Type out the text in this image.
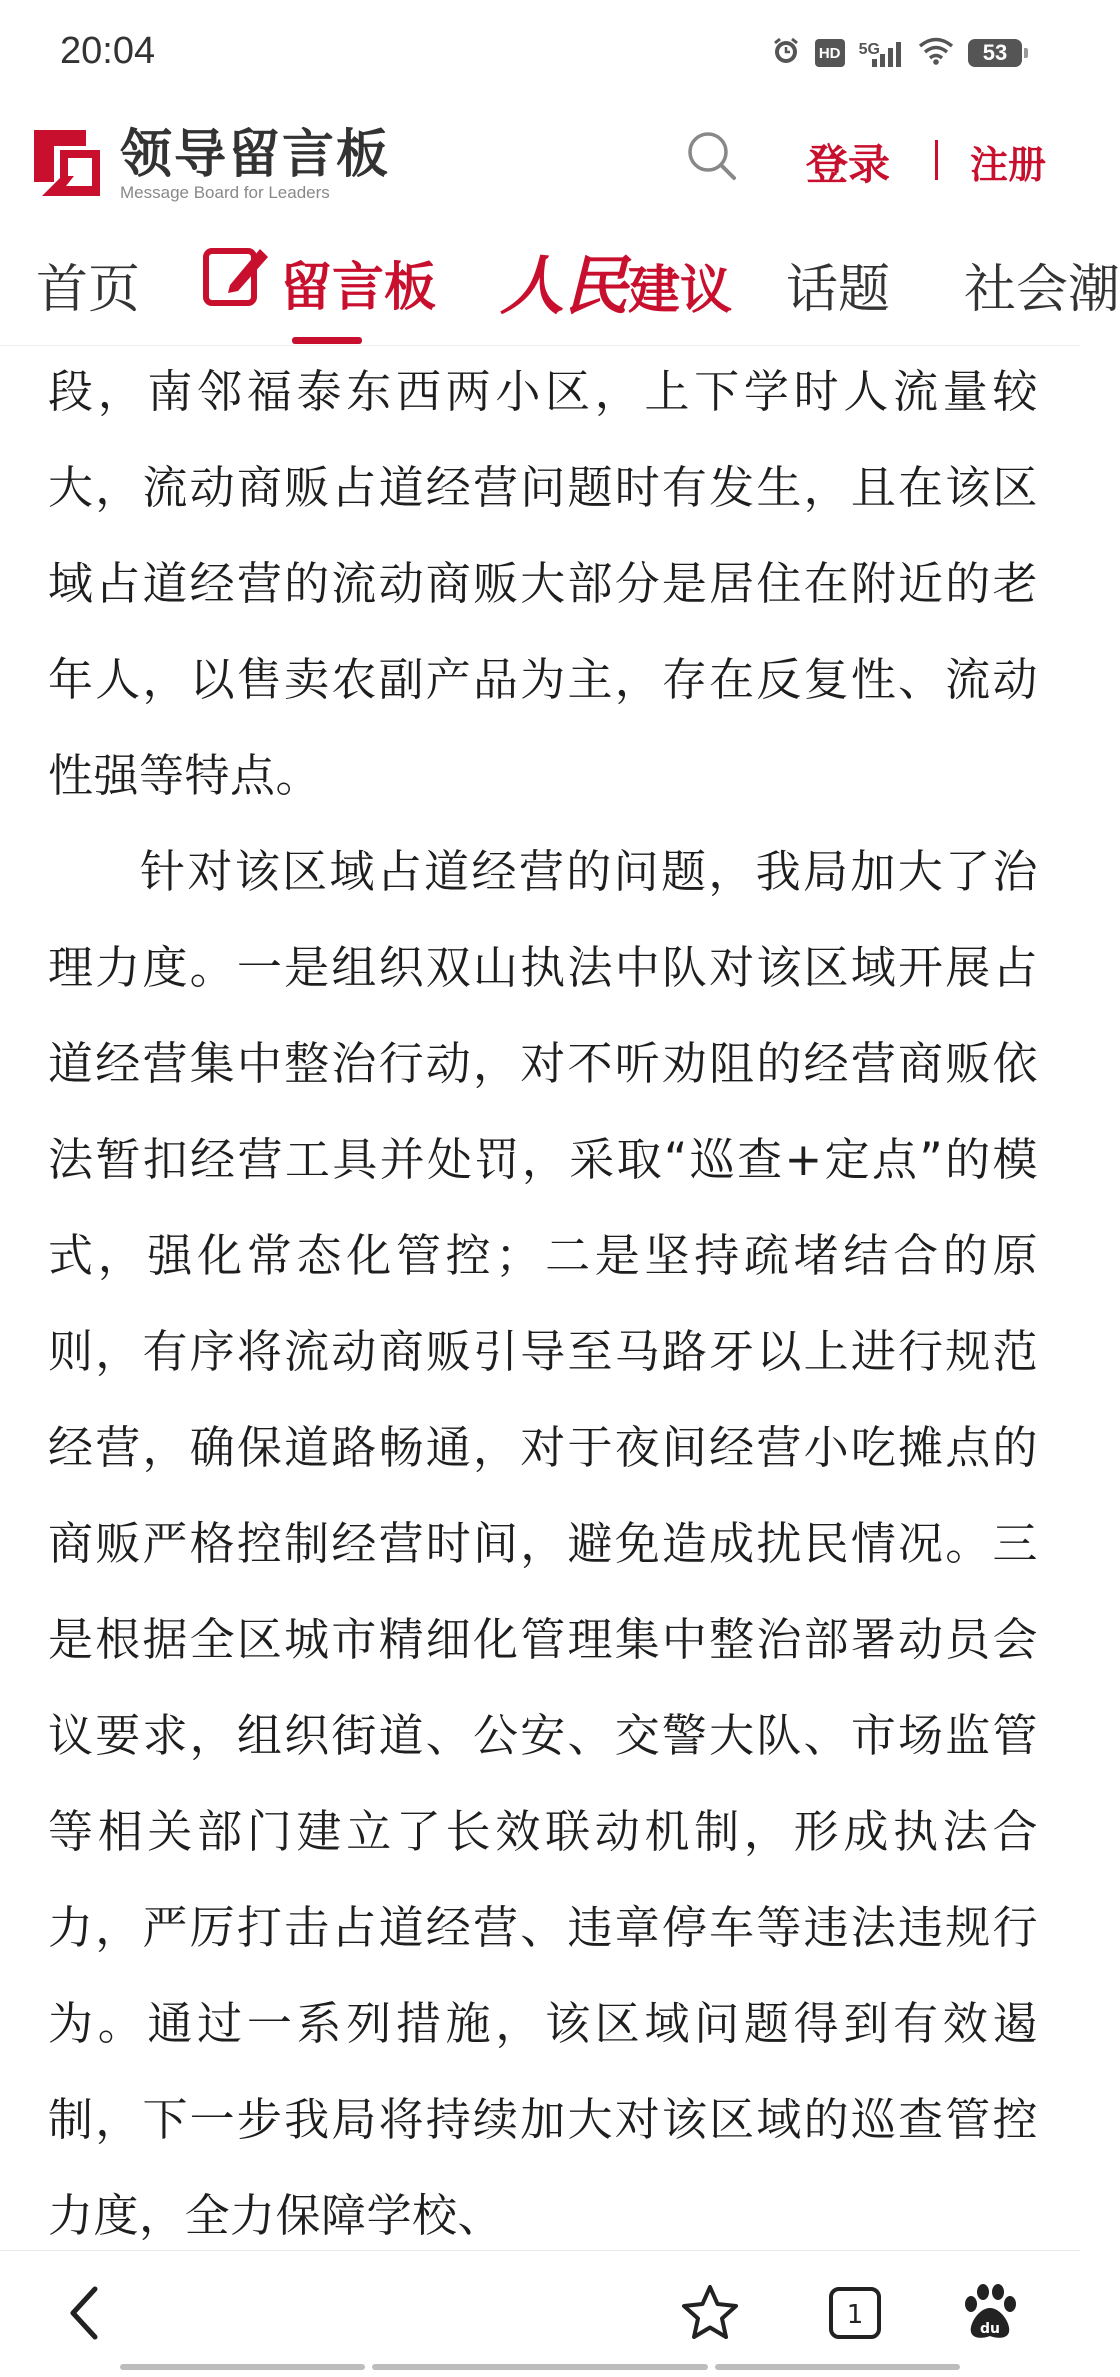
20:04	HD 5G	53
领导留言板
Message Board for Leaders
登录 注册
首页	留言板 人民建议 话题 社会潮

段，南邻福泰东西两小区，上下学时人流量较大，流动商贩占道经营问题时有发生，且在该区域占道经营的流动商贩大部分是居住在附近的老年人，以售卖农副产品为主，存在反复性、流动性强等特点。

针对该区域占道经营的问题，我局加大了治理力度。一是组织双山执法中队对该区域开展占道经营集中整治行动，对不听劝阻的经营商贩依法暂扣经营工具并处罚，采取“巡查+定点”的模式，强化常态化管控；二是坚持疏堵结合的原则，有序将流动商贩引导至马路牙以上进行规范经营，确保道路畅通，对于夜间经营小吃摊点的商贩严格控制经营时间，避免造成扰民情况。三是根据全区城市精细化管理集中整治部署动员会议要求，组织街道、公安、交警大队、市场监管等相关部门建立了长效联动机制，形成执法合力，严厉打击占道经营、违章停车等违法违规行为。通过一系列措施，该区域问题得到有效遏制，下一步我局将持续加大对该区域的巡查管控力度，全力保障学校、

1	du
